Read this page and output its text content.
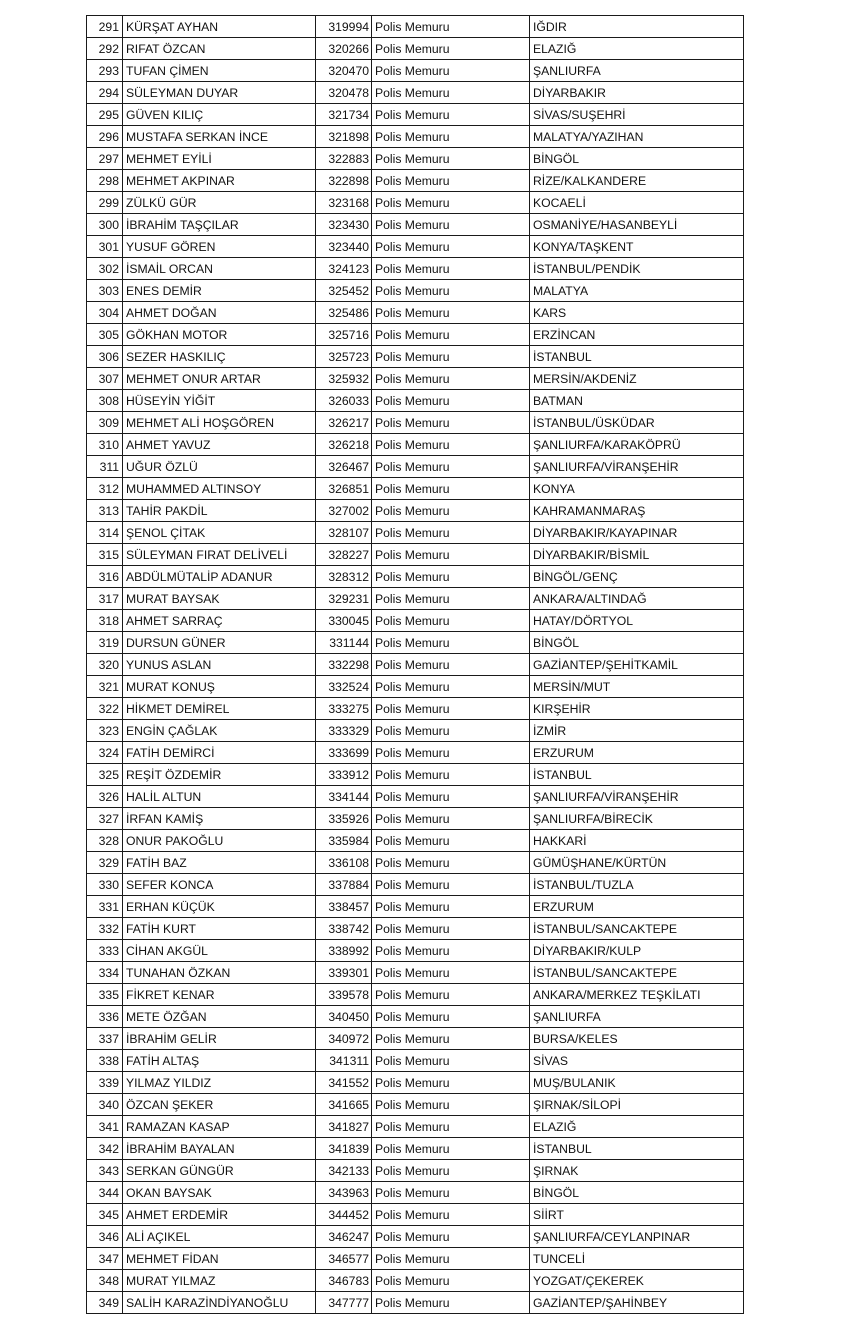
291	KÜRŞAT AYHAN	319994	Polis Memuru	IĞDIR
292	RIFAT ÖZCAN	320266	Polis Memuru	ELAZIĞ
293	TUFAN ÇİMEN	320470	Polis Memuru	ŞANLIURFA
294	SÜLEYMAN DUYAR	320478	Polis Memuru	DİYARBAKIR
295	GÜVEN KILIÇ	321734	Polis Memuru	SİVAS/SUŞEHRİ
296	MUSTAFA SERKAN İNCE	321898	Polis Memuru	MALATYA/YAZIHAN
297	MEHMET EYİLİ	322883	Polis Memuru	BİNGÖL
298	MEHMET AKPINAR	322898	Polis Memuru	RİZE/KALKANDERE
299	ZÜLKÜ GÜR	323168	Polis Memuru	KOCAELİ
300	İBRAHİM TAŞÇILAR	323430	Polis Memuru	OSMANİYE/HASANBEYLİ
301	YUSUF GÖREN	323440	Polis Memuru	KONYA/TAŞKENT
302	İSMAİL ORCAN	324123	Polis Memuru	İSTANBUL/PENDİK
303	ENES DEMİR	325452	Polis Memuru	MALATYA
304	AHMET DOĞAN	325486	Polis Memuru	KARS
305	GÖKHAN MOTOR	325716	Polis Memuru	ERZİNCAN
306	SEZER HASKILIÇ	325723	Polis Memuru	İSTANBUL
307	MEHMET ONUR ARTAR	325932	Polis Memuru	MERSİN/AKDENİZ
308	HÜSEYİN YİĞİT	326033	Polis Memuru	BATMAN
309	MEHMET ALİ HOŞGÖREN	326217	Polis Memuru	İSTANBUL/ÜSKÜDAR
310	AHMET YAVUZ	326218	Polis Memuru	ŞANLIURFA/KARAKÖPRÜ
311	UĞUR ÖZLÜ	326467	Polis Memuru	ŞANLIURFA/VİRANŞEHİR
312	MUHAMMED ALTINSOY	326851	Polis Memuru	KONYA
313	TAHİR PAKDİL	327002	Polis Memuru	KAHRAMANMARAŞ
314	ŞENOL ÇİTAK	328107	Polis Memuru	DİYARBAKIR/KAYAPINAR
315	SÜLEYMAN FIRAT DELİVELİ	328227	Polis Memuru	DİYARBAKIR/BİSMİL
316	ABDÜLMÜTALİP ADANUR	328312	Polis Memuru	BİNGÖL/GENÇ
317	MURAT BAYSAK	329231	Polis Memuru	ANKARA/ALTINDAĞ
318	AHMET SARRAÇ	330045	Polis Memuru	HATAY/DÖRTYOL
319	DURSUN GÜNER	331144	Polis Memuru	BİNGÖL
320	YUNUS ASLAN	332298	Polis Memuru	GAZİANTEP/ŞEHİTKAMİL
321	MURAT KONUŞ	332524	Polis Memuru	MERSİN/MUT
322	HİKMET DEMİREL	333275	Polis Memuru	KIRŞEHİR
323	ENGİN ÇAĞLAK	333329	Polis Memuru	İZMİR
324	FATİH DEMİRCİ	333699	Polis Memuru	ERZURUM
325	REŞİT ÖZDEMİR	333912	Polis Memuru	İSTANBUL
326	HALİL ALTUN	334144	Polis Memuru	ŞANLIURFA/VİRANŞEHİR
327	İRFAN KAMİŞ	335926	Polis Memuru	ŞANLIURFA/BİRECİK
328	ONUR PAKOĞLU	335984	Polis Memuru	HAKKARİ
329	FATİH BAZ	336108	Polis Memuru	GÜMÜŞHANE/KÜRTÜN
330	SEFER KONCA	337884	Polis Memuru	İSTANBUL/TUZLA
331	ERHAN KÜÇÜK	338457	Polis Memuru	ERZURUM
332	FATİH KURT	338742	Polis Memuru	İSTANBUL/SANCAKTEPE
333	CİHAN AKGÜL	338992	Polis Memuru	DİYARBAKIR/KULP
334	TUNAHAN ÖZKAN	339301	Polis Memuru	İSTANBUL/SANCAKTEPE
335	FİKRET KENAR	339578	Polis Memuru	ANKARA/MERKEZ TEŞKİLATI
336	METE ÖZĞAN	340450	Polis Memuru	ŞANLIURFA
337	İBRAHİM GELİR	340972	Polis Memuru	BURSA/KELES
338	FATİH ALTAŞ	341311	Polis Memuru	SİVAS
339	YILMAZ YILDIZ	341552	Polis Memuru	MUŞ/BULANIK
340	ÖZCAN ŞEKER	341665	Polis Memuru	ŞIRNAK/SİLOPİ
341	RAMAZAN KASAP	341827	Polis Memuru	ELAZIĞ
342	İBRAHİM BAYALAN	341839	Polis Memuru	İSTANBUL
343	SERKAN GÜNGÜR	342133	Polis Memuru	ŞIRNAK
344	OKAN BAYSAK	343963	Polis Memuru	BİNGÖL
345	AHMET ERDEMİR	344452	Polis Memuru	SİİRT
346	ALİ AÇIKEL	346247	Polis Memuru	ŞANLIURFA/CEYLANPINAR
347	MEHMET FİDAN	346577	Polis Memuru	TUNCELİ
348	MURAT YILMAZ	346783	Polis Memuru	YOZGAT/ÇEKEREK
349	SALİH KARAZİNDİYANOĞLU	347777	Polis Memuru	GAZİANTEP/ŞAHİNBEY
